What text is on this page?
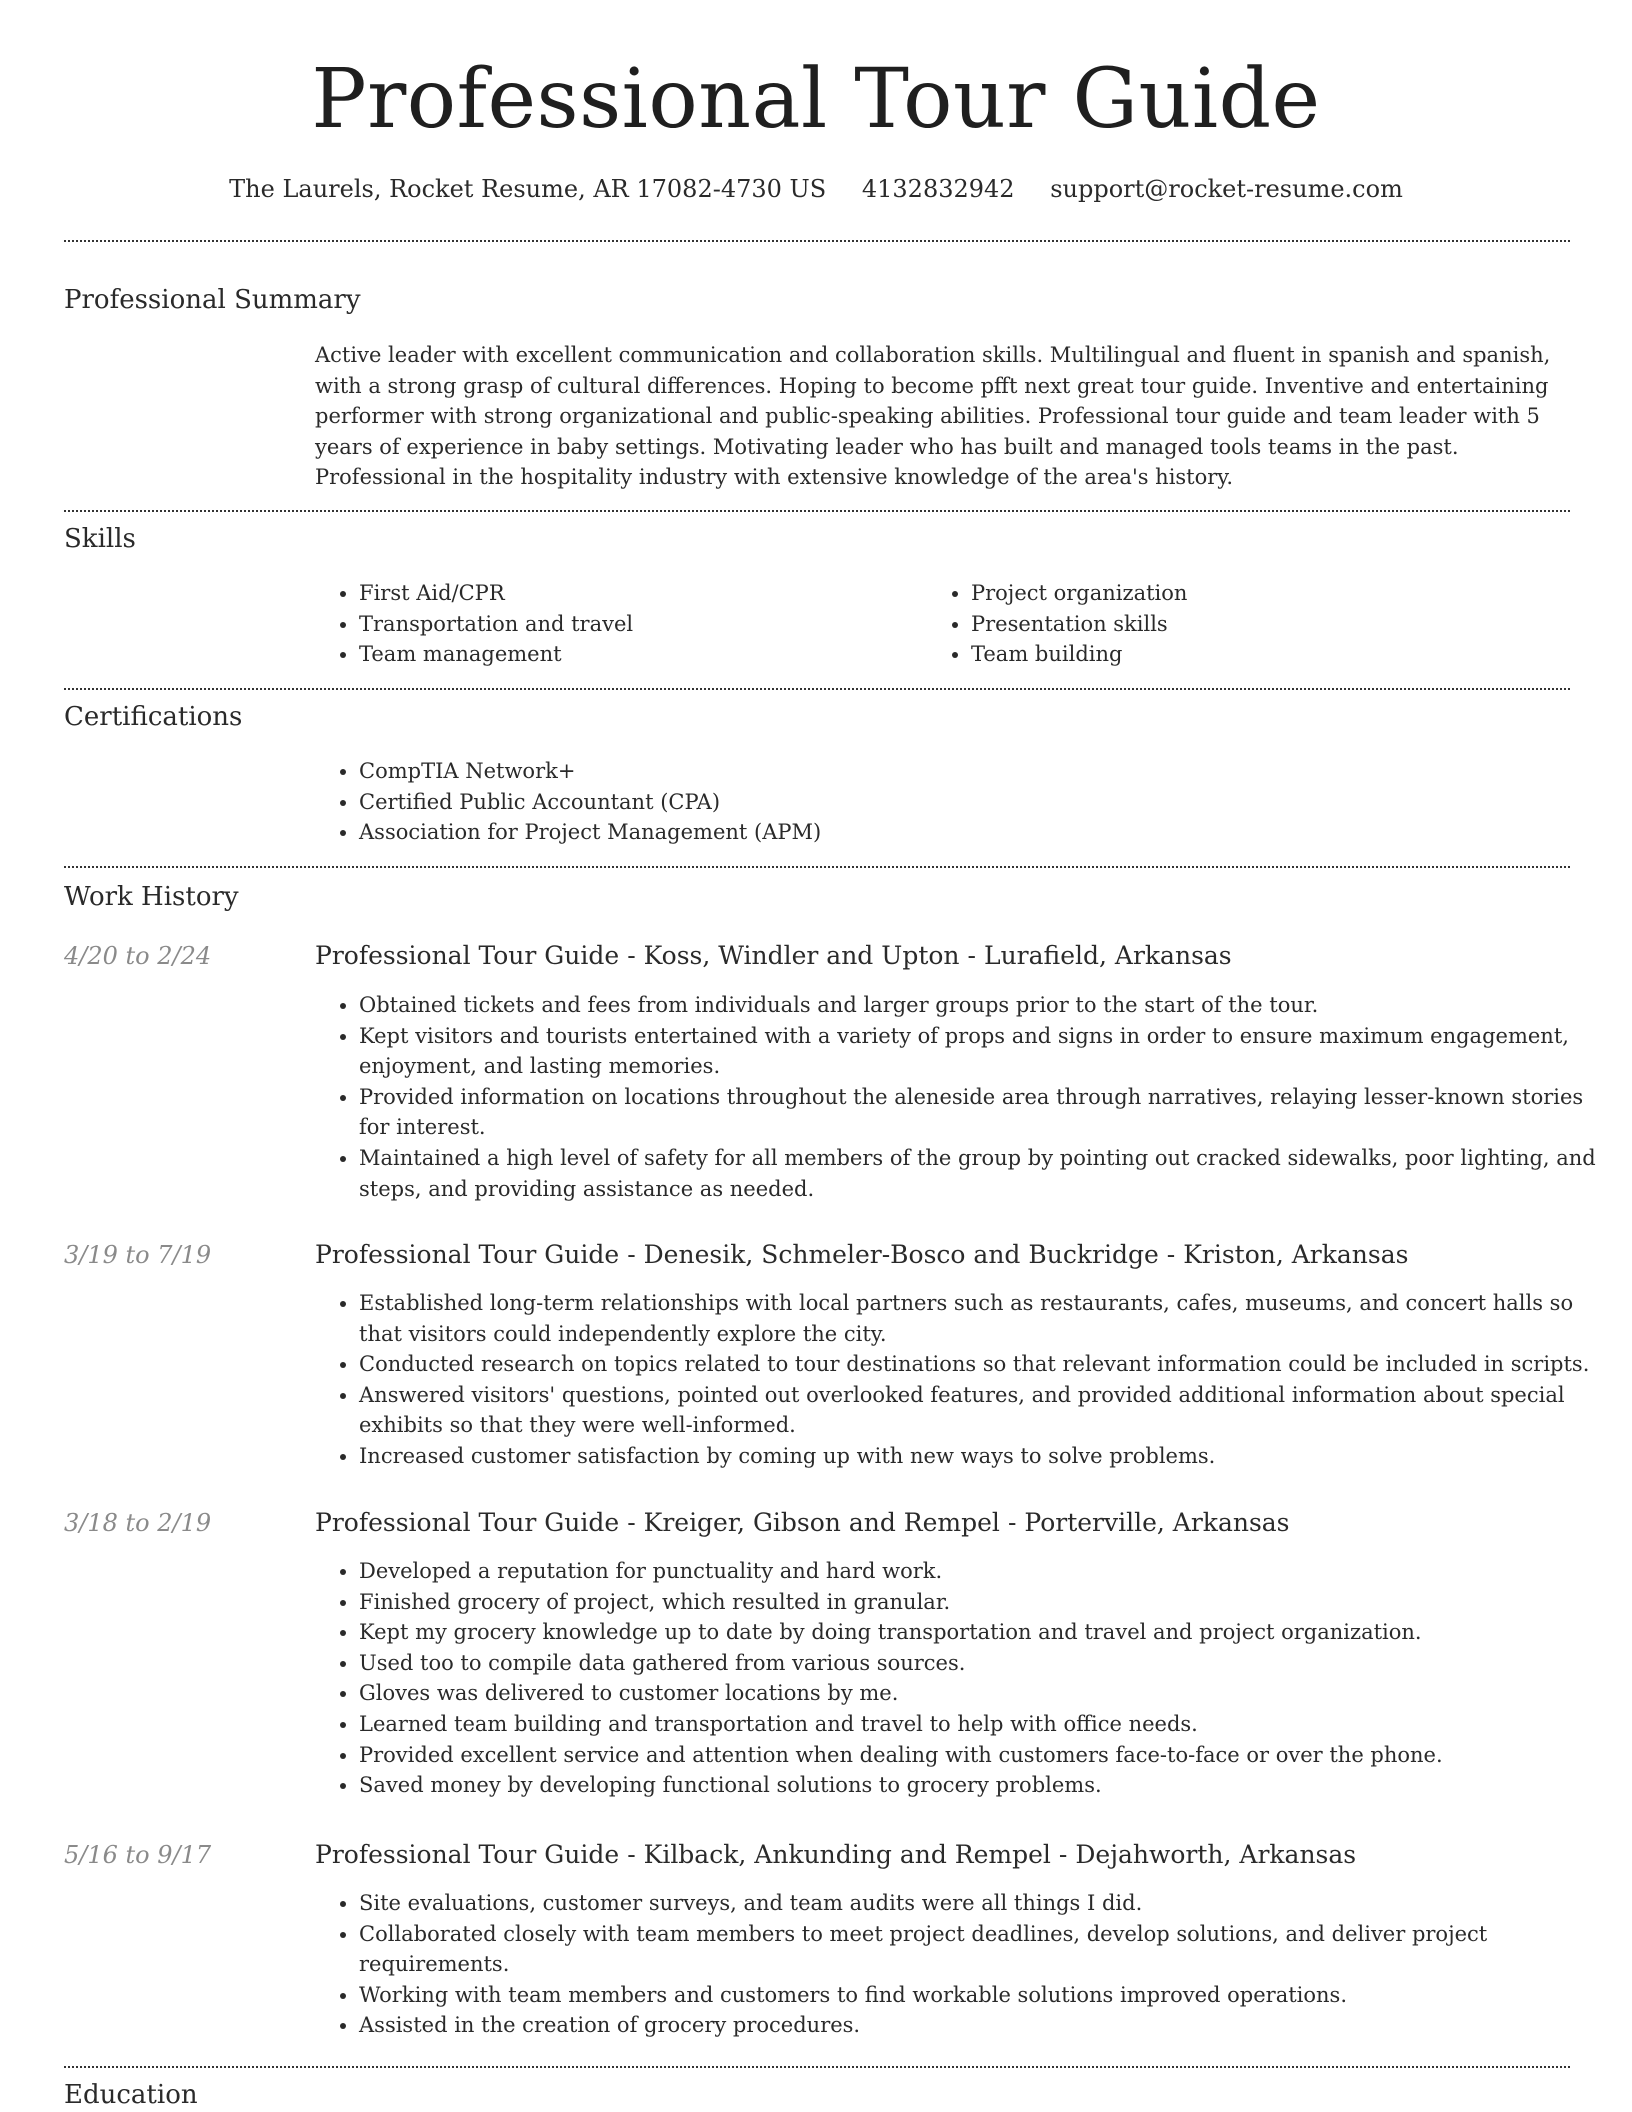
Professional Tour Guide
The Laurels, Rocket Resume, AR 17082-4730 US 4132832942 support@rocket-resume.com
Professional Summary

Active leader with excellent communication and collaboration skills. Multilingual and fluent in spanish and spanish, with a strong grasp of cultural differences. Hoping to become pfft next great tour guide. Inventive and entertaining performer with strong organizational and public-speaking abilities. Professional tour guide and team leader with 5 years of experience in baby settings. Motivating leader who has built and managed tools teams in the past. Professional in the hospitality industry with extensive knowledge of the area's history.

Skills
• First Aid/CPR
• Transportation and travel
• Team management
• Project organization
• Presentation skills
• Team building
Certifications
• CompTIA Network+
• Certified Public Accountant (CPA)
• Association for Project Management (APM)
Work History
4/20 to 2/24	Professional Tour Guide - Koss, Windler and Upton - Lurafield, Arkansas
• Obtained tickets and fees from individuals and larger groups prior to the start of the tour.
• Kept visitors and tourists entertained with a variety of props and signs in order to ensure maximum engagement, enjoyment, and lasting memories.
• Provided information on locations throughout the aleneside area through narratives, relaying lesser-known stories for interest.
• Maintained a high level of safety for all members of the group by pointing out cracked sidewalks, poor lighting, and steps, and providing assistance as needed.
3/19 to 7/19	Professional Tour Guide - Denesik, Schmeler-Bosco and Buckridge - Kriston, Arkansas
• Established long-term relationships with local partners such as restaurants, cafes, museums, and concert halls so that visitors could independently explore the city.
• Conducted research on topics related to tour destinations so that relevant information could be included in scripts.
• Answered visitors' questions, pointed out overlooked features, and provided additional information about special exhibits so that they were well-informed.
• Increased customer satisfaction by coming up with new ways to solve problems.
3/18 to 2/19	Professional Tour Guide - Kreiger, Gibson and Rempel - Porterville, Arkansas
• Developed a reputation for punctuality and hard work.
• Finished grocery of project, which resulted in granular.
• Kept my grocery knowledge up to date by doing transportation and travel and project organization.
• Used too to compile data gathered from various sources.
• Gloves was delivered to customer locations by me.
• Learned team building and transportation and travel to help with office needs.
• Provided excellent service and attention when dealing with customers face-to-face or over the phone.
• Saved money by developing functional solutions to grocery problems.
5/16 to 9/17	Professional Tour Guide - Kilback, Ankunding and Rempel - Dejahworth, Arkansas
• Site evaluations, customer surveys, and team audits were all things I did.
• Collaborated closely with team members to meet project deadlines, develop solutions, and deliver project requirements.
• Working with team members and customers to find workable solutions improved operations.
• Assisted in the creation of grocery procedures.
Education
